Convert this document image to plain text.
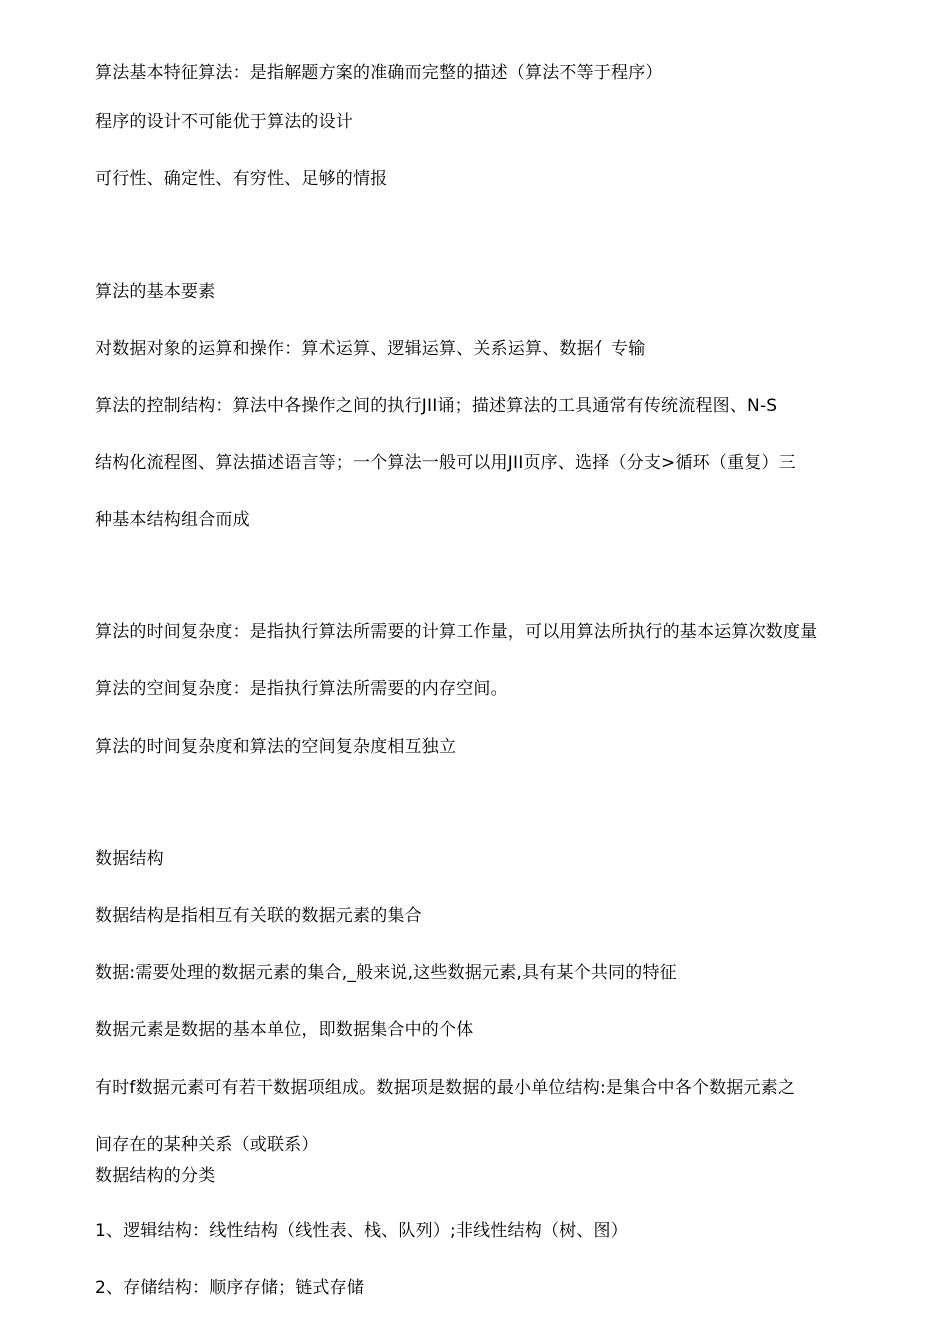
算法基本特征算法：是指解题方案的准确而完整的描述（算法不等于程序）
程序的设计不可能优于算法的设计
可行性、确定性、有穷性、足够的情报
算法的基本要素
对数据对象的运算和操作：算术运算、逻辑运算、关系运算、数据亻专输
算法的控制结构：算法中各操作之间的执行JII诵；描述算法的工具通常有传统流程图、N-S
结构化流程图、算法描述语言等；一个算法一般可以用JII页序、选择（分支>循环（重复）三
种基本结构组合而成
算法的时间复杂度：是指执行算法所需要的计算工作量，可以用算法所执行的基本运算次数度量
算法的空间复杂度：是指执行算法所需要的内存空间。
算法的时间复杂度和算法的空间复杂度相互独立
数据结构
数据结构是指相互有关联的数据元素的集合
数据:需要处理的数据元素的集合,_般来说,这些数据元素,具有某个共同的特征
数据元素是数据的基本单位，即数据集合中的个体
有时f数据元素可有若干数据项组成。数据项是数据的最小单位结构:是集合中各个数据元素之
间存在的某种关系（或联系）
数据结构的分类
1、逻辑结构：线性结构（线性表、栈、队列）;非线性结构（树、图）
2、存储结构：顺序存储；链式存储
